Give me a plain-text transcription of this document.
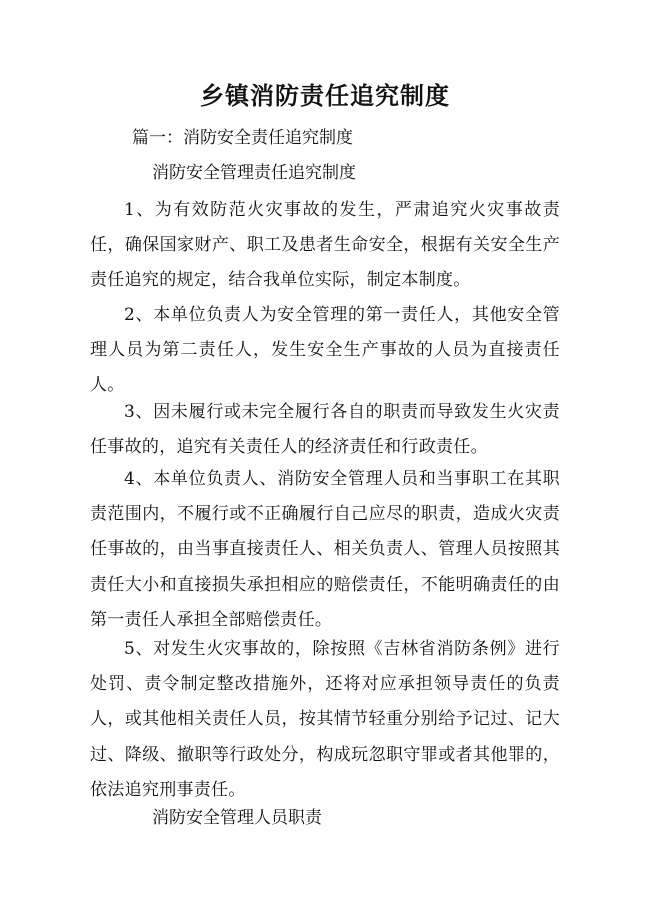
乡镇消防责任追究制度

篇一：消防安全责任追究制度

消防安全管理责任追究制度

1、为有效防范火灾事故的发生，严肃追究火灾事故责任，确保国家财产、职工及患者生命安全，根据有关安全生产责任追究的规定，结合我单位实际，制定本制度。

2、本单位负责人为安全管理的第一责任人，其他安全管理人员为第二责任人，发生安全生产事故的人员为直接责任人。

3、因未履行或未完全履行各自的职责而导致发生火灾责任事故的，追究有关责任人的经济责任和行政责任。

4、本单位负责人、消防安全管理人员和当事职工在其职责范围内，不履行或不正确履行自己应尽的职责，造成火灾责任事故的，由当事直接责任人、相关负责人、管理人员按照其责任大小和直接损失承担相应的赔偿责任，不能明确责任的由第一责任人承担全部赔偿责任。

5、对发生火灾事故的，除按照《吉林省消防条例》进行处罚、责令制定整改措施外，还将对应承担领导责任的负责人，或其他相关责任人员，按其情节轻重分别给予记过、记大过、降级、撤职等行政处分，构成玩忽职守罪或者其他罪的，依法追究刑事责任。

消防安全管理人员职责
